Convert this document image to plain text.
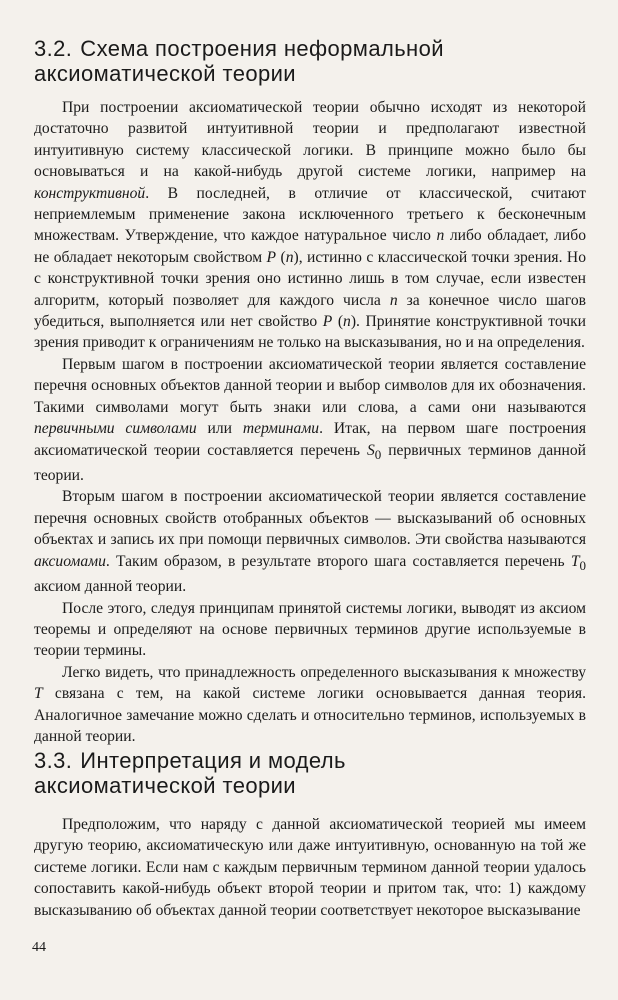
3.2. Схема построения неформальной
аксиоматической теории

При построении аксиоматической теории обычно исходят из некоторой достаточно развитой интуитивной теории и предполагают известной интуитивную систему классической логики. В принципе можно было бы основываться и на какой-нибудь другой системе логики, например на конструктивной. В последней, в отличие от классической, считают неприемлемым применение закона исключенного третьего к бесконечным множествам. Утверждение, что каждое натуральное число n либо обладает, либо не обладает некоторым свойством P (n), истинно с классической точки зрения. Но с конструктивной точки зрения оно истинно лишь в том случае, если известен алгоритм, который позволяет для каждого числа n за конечное число шагов убедиться, выполняется или нет свойство P (n). Принятие конструктивной точки зрения приводит к ограничениям не только на высказывания, но и на определения.

Первым шагом в построении аксиоматической теории является составление перечня основных объектов данной теории и выбор символов для их обозначения. Такими символами могут быть знаки или слова, а сами они называются первичными символами или терминами. Итак, на первом шаге построения аксиоматической теории составляется перечень $S_0$ первичных терминов данной теории.

Вторым шагом в построении аксиоматической теории является составление перечня основных свойств отобранных объектов — высказываний об основных объектах и запись их при помощи первичных символов. Эти свойства называются аксиомами. Таким образом, в результате второго шага составляется перечень $T_0$ аксиом данной теории.

После этого, следуя принципам принятой системы логики, выводят из аксиом теоремы и определяют на основе первичных терминов другие используемые в теории термины.

Легко видеть, что принадлежность определенного высказывания к множеству T связана с тем, на какой системе логики основывается данная теория. Аналогичное замечание можно сделать и относительно терминов, используемых в данной теории.

3.3. Интерпретация и модель
аксиоматической теории

Предположим, что наряду с данной аксиоматической теорией мы имеем другую теорию, аксиоматическую или даже интуитивную, основанную на той же системе логики. Если нам с каждым первичным термином данной теории удалось сопоставить какой-нибудь объект второй теории и притом так, что: 1) каждому высказыванию об объектах данной теории соответствует некоторое высказывание

44
